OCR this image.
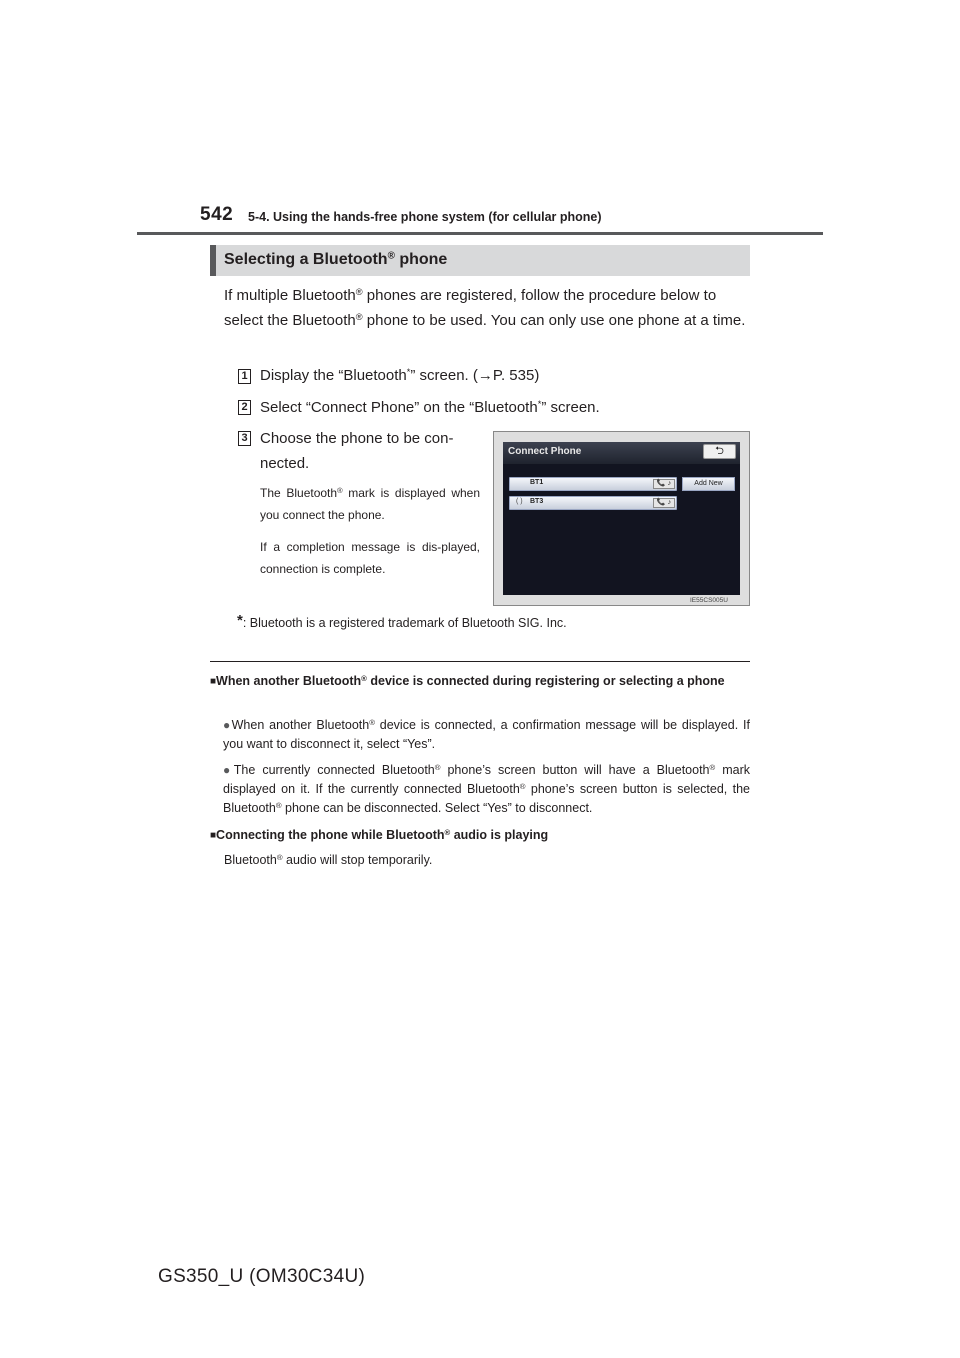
542 5-4. Using the hands-free phone system (for cellular phone)
Selecting a Bluetooth® phone
If multiple Bluetooth® phones are registered, follow the procedure below to select the Bluetooth® phone to be used. You can only use one phone at a time.
1 Display the “Bluetooth*” screen. (→P. 535)
2 Select “Connect Phone” on the “Bluetooth*” screen.
3 Choose the phone to be con-nected.
The Bluetooth® mark is displayed when you connect the phone.
If a completion message is dis-played, connection is complete.
Connect Phone	⮌
BT1	📞 ♪
( ) BT3	📞 ♪
Add New
IE55CS005U
*: Bluetooth is a registered trademark of Bluetooth SIG. Inc.
■When another Bluetooth® device is connected during registering or selecting a phone
●When another Bluetooth® device is connected, a confirmation message will be displayed. If you want to disconnect it, select “Yes”.
●The currently connected Bluetooth® phone’s screen button will have a Bluetooth® mark displayed on it. If the currently connected Bluetooth® phone’s screen button is selected, the Bluetooth® phone can be disconnected. Select “Yes” to disconnect.
■Connecting the phone while Bluetooth® audio is playing
Bluetooth® audio will stop temporarily.
GS350_U (OM30C34U)
